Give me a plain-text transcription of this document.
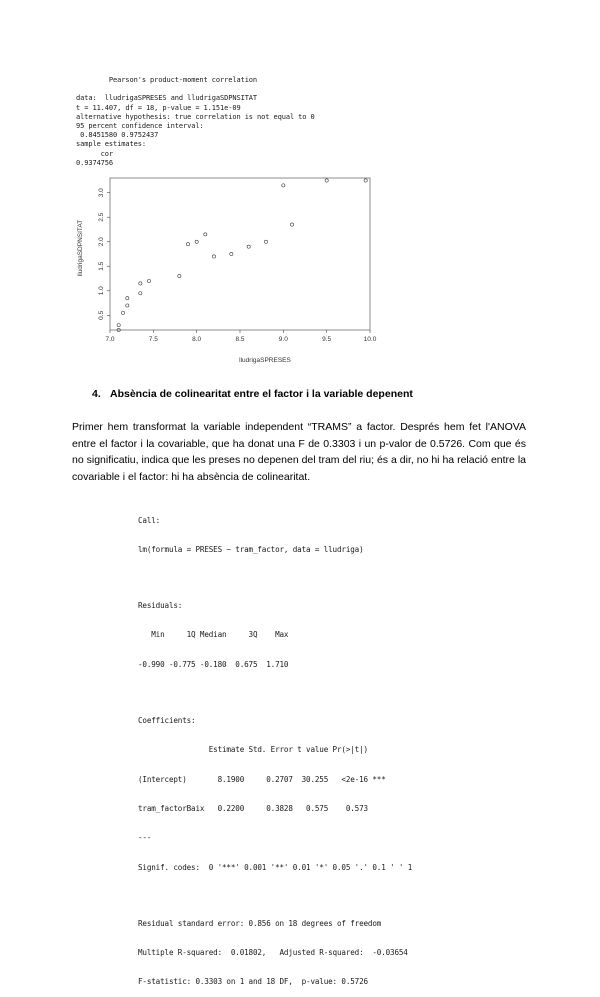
Pearson's product-moment correlation

data:  lludrigaSPRESES and lludrigaSDPNSITAT
t = 11.407, df = 18, p-value = 1.151e-09
alternative hypothesis: true correlation is not equal to 0
95 percent confidence interval:
0.8451580 0.9752437
sample estimates:
cor
0.9374756
7.0	7.5	8.0	8.5	9.0	9.5	10.0
0.5
1.0
1.5
2.0
2.5
3.0
lludrigaSPRESES
lludrigaSDPNSITAT
4. Absència de colinearitat entre el factor i la variable depenent

Primer hem transformat la variable independent “TRAMS” a factor. Després hem fet l'ANOVA entre el factor i la covariable, que ha donat una F de 0.3303 i un p-valor de 0.5726. Com que és no significatiu, indica que les preses no depenen del tram del riu; és a dir, no hi ha relació entre la covariable i el factor: hi ha absència de colinearitat.

Call:

lm(formula = PRESES ~ tram_factor, data = lludriga)

Residuals:

Min     1Q Median     3Q    Max

-0.990 -0.775 -0.180  0.675  1.710

Coefficients:

Estimate Std. Error t value Pr(>|t|)

(Intercept)       8.1900     0.2707  30.255   <2e-16 ***

tram_factorBaix   0.2200     0.3828   0.575    0.573

---

Signif. codes:  0 '***' 0.001 '**' 0.01 '*' 0.05 '.' 0.1 ' ' 1

Residual standard error: 0.856 on 18 degrees of freedom

Multiple R-squared:  0.01802,   Adjusted R-squared:  -0.03654

F-statistic: 0.3303 on 1 and 18 DF,  p-value: 0.5726
